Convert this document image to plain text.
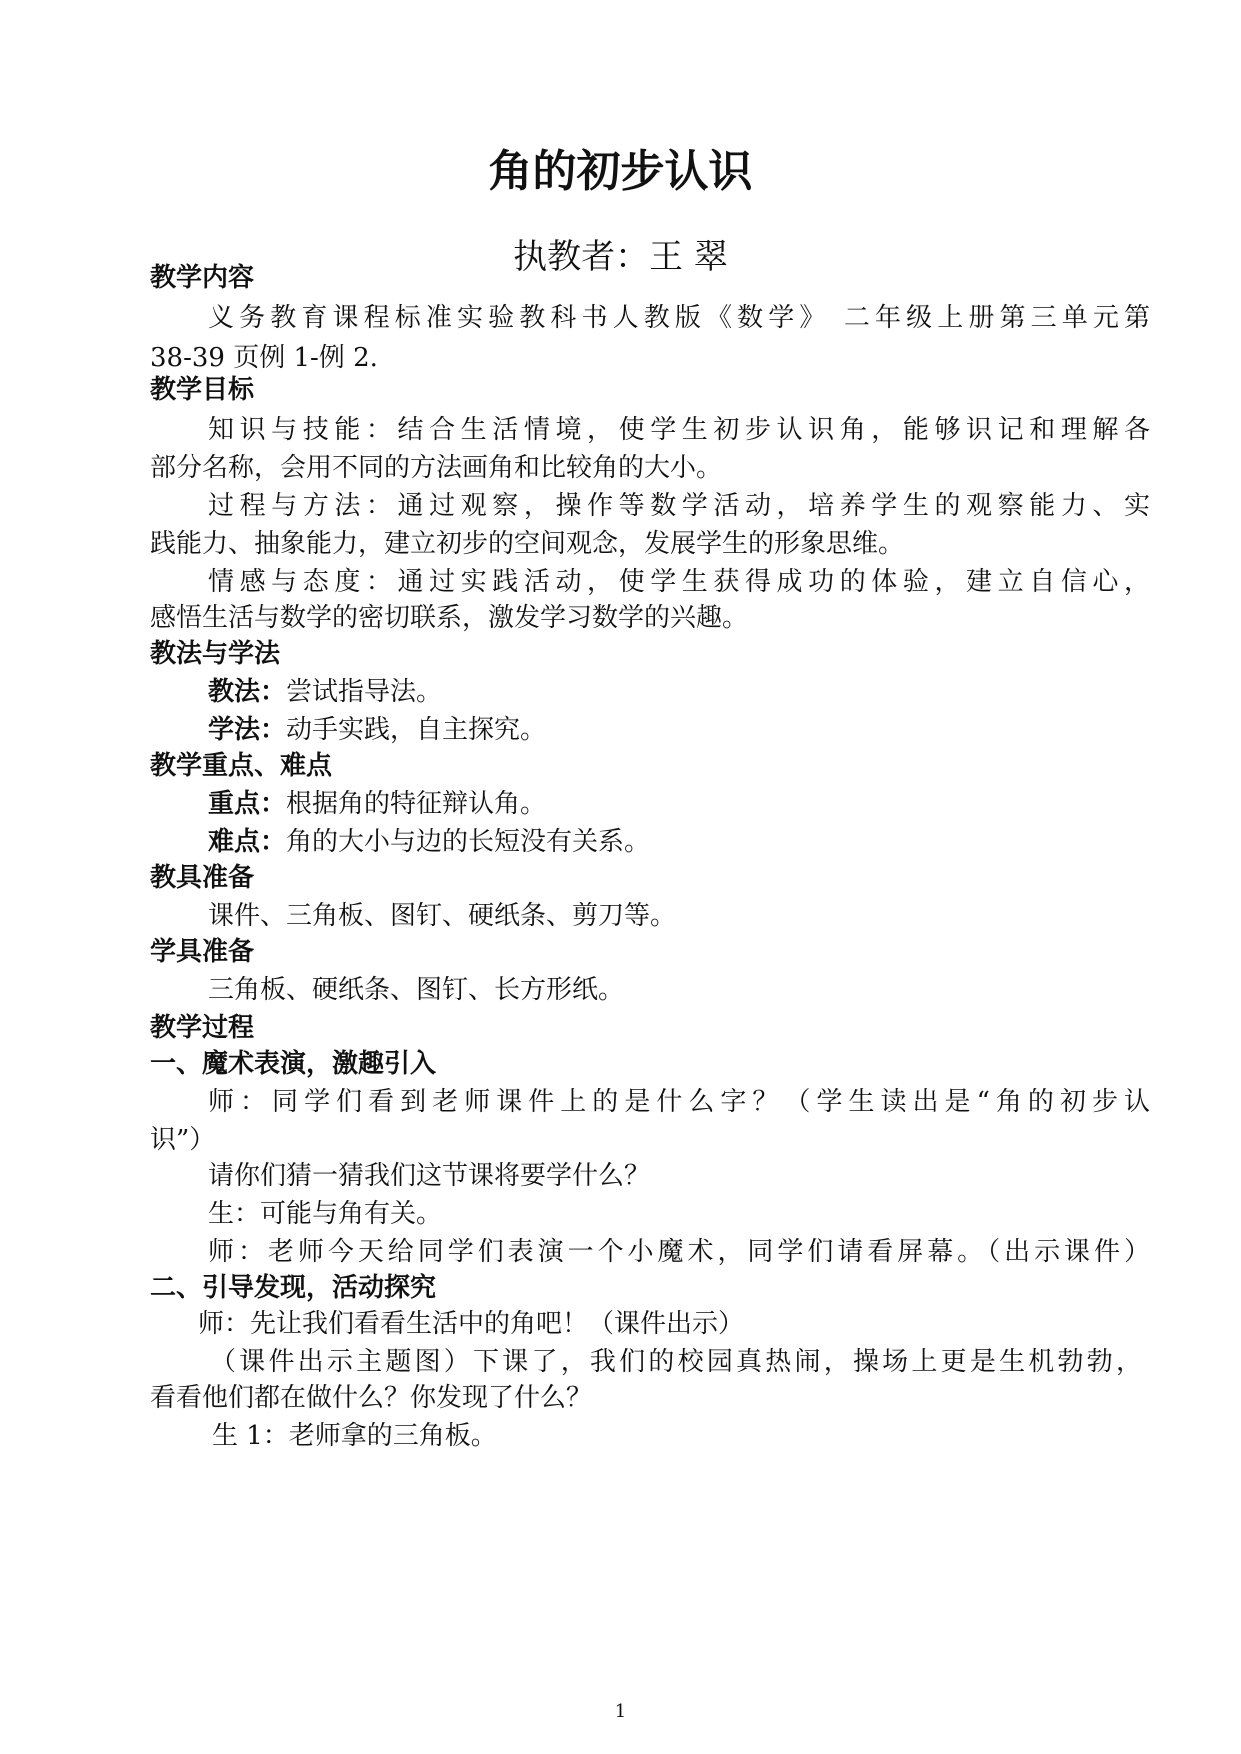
角的初步认识
执教者：王 翠
教学内容
义务教育课程标准实验教科书人教版《数学》 二年级上册第三单元第
38-39 页例 1-例 2.
教学目标
知识与技能：结合生活情境，使学生初步认识角，能够识记和理解各
部分名称，会用不同的方法画角和比较角的大小。
过程与方法：通过观察，操作等数学活动，培养学生的观察能力、实
践能力、抽象能力，建立初步的空间观念，发展学生的形象思维。
情感与态度：通过实践活动，使学生获得成功的体验，建立自信心，
感悟生活与数学的密切联系，激发学习数学的兴趣。
教法与学法
教法：尝试指导法。
学法：动手实践，自主探究。
教学重点、难点
重点：根据角的特征辩认角。
难点：角的大小与边的长短没有关系。
教具准备
课件、三角板、图钉、硬纸条、剪刀等。
学具准备
三角板、硬纸条、图钉、长方形纸。
教学过程
一、魔术表演，激趣引入
师：同学们看到老师课件上的是什么字？（学生读出是“角的初步认
识”）
请你们猜一猜我们这节课将要学什么？
生：可能与角有关。
师：老师今天给同学们表演一个小魔术，同学们请看屏幕。（出示课件）
二、引导发现，活动探究
师：先让我们看看生活中的角吧！（课件出示）
（课件出示主题图）下课了，我们的校园真热闹，操场上更是生机勃勃，
看看他们都在做什么？你发现了什么？
生 1：老师拿的三角板。
1
